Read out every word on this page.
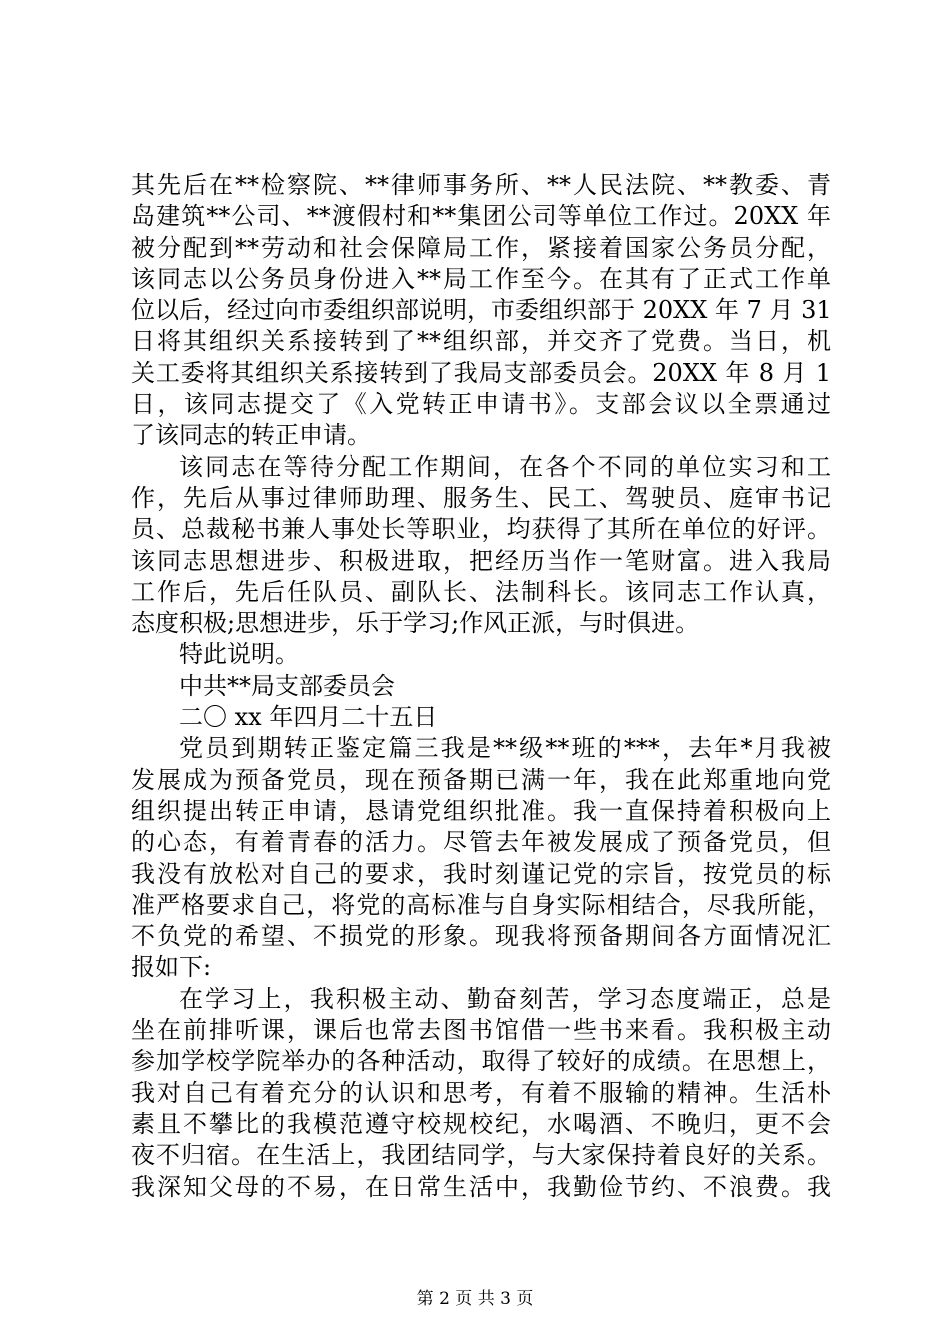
其先后在**检察院、**律师事务所、**人民法院、**教委、青
岛建筑**公司、**渡假村和**集团公司等单位工作过。20XX 年
被分配到**劳动和社会保障局工作，紧接着国家公务员分配，
该同志以公务员身份进入**局工作至今。在其有了正式工作单
位以后，经过向市委组织部说明，市委组织部于 20XX 年 7 月 31
日将其组织关系接转到了**组织部，并交齐了党费。当日，机
关工委将其组织关系接转到了我局支部委员会。20XX 年 8 月 1
日，该同志提交了《入党转正申请书》。支部会议以全票通过
了该同志的转正申请。
该同志在等待分配工作期间，在各个不同的单位实习和工
作，先后从事过律师助理、服务生、民工、驾驶员、庭审书记
员、总裁秘书兼人事处长等职业，均获得了其所在单位的好评。
该同志思想进步、积极进取，把经历当作一笔财富。进入我局
工作后，先后任队员、副队长、法制科长。该同志工作认真，
态度积极;思想进步，乐于学习;作风正派，与时俱进。
特此说明。
中共**局支部委员会
二〇 xx 年四月二十五日
党员到期转正鉴定篇三我是**级**班的***，去年*月我被
发展成为预备党员，现在预备期已满一年，我在此郑重地向党
组织提出转正申请，恳请党组织批准。我一直保持着积极向上
的心态，有着青春的活力。尽管去年被发展成了预备党员，但
我没有放松对自己的要求，我时刻谨记党的宗旨，按党员的标
准严格要求自己，将党的高标准与自身实际相结合，尽我所能，
不负党的希望、不损党的形象。现我将预备期间各方面情况汇
报如下:
在学习上，我积极主动、勤奋刻苦，学习态度端正，总是
坐在前排听课，课后也常去图书馆借一些书来看。我积极主动
参加学校学院举办的各种活动，取得了较好的成绩。在思想上，
我对自己有着充分的认识和思考，有着不服输的精神。生活朴
素且不攀比的我模范遵守校规校纪，水喝酒、不晚归，更不会
夜不归宿。在生活上，我团结同学，与大家保持着良好的关系。
我深知父母的不易，在日常生活中，我勤俭节约、不浪费。我
第 2 页 共 3 页
